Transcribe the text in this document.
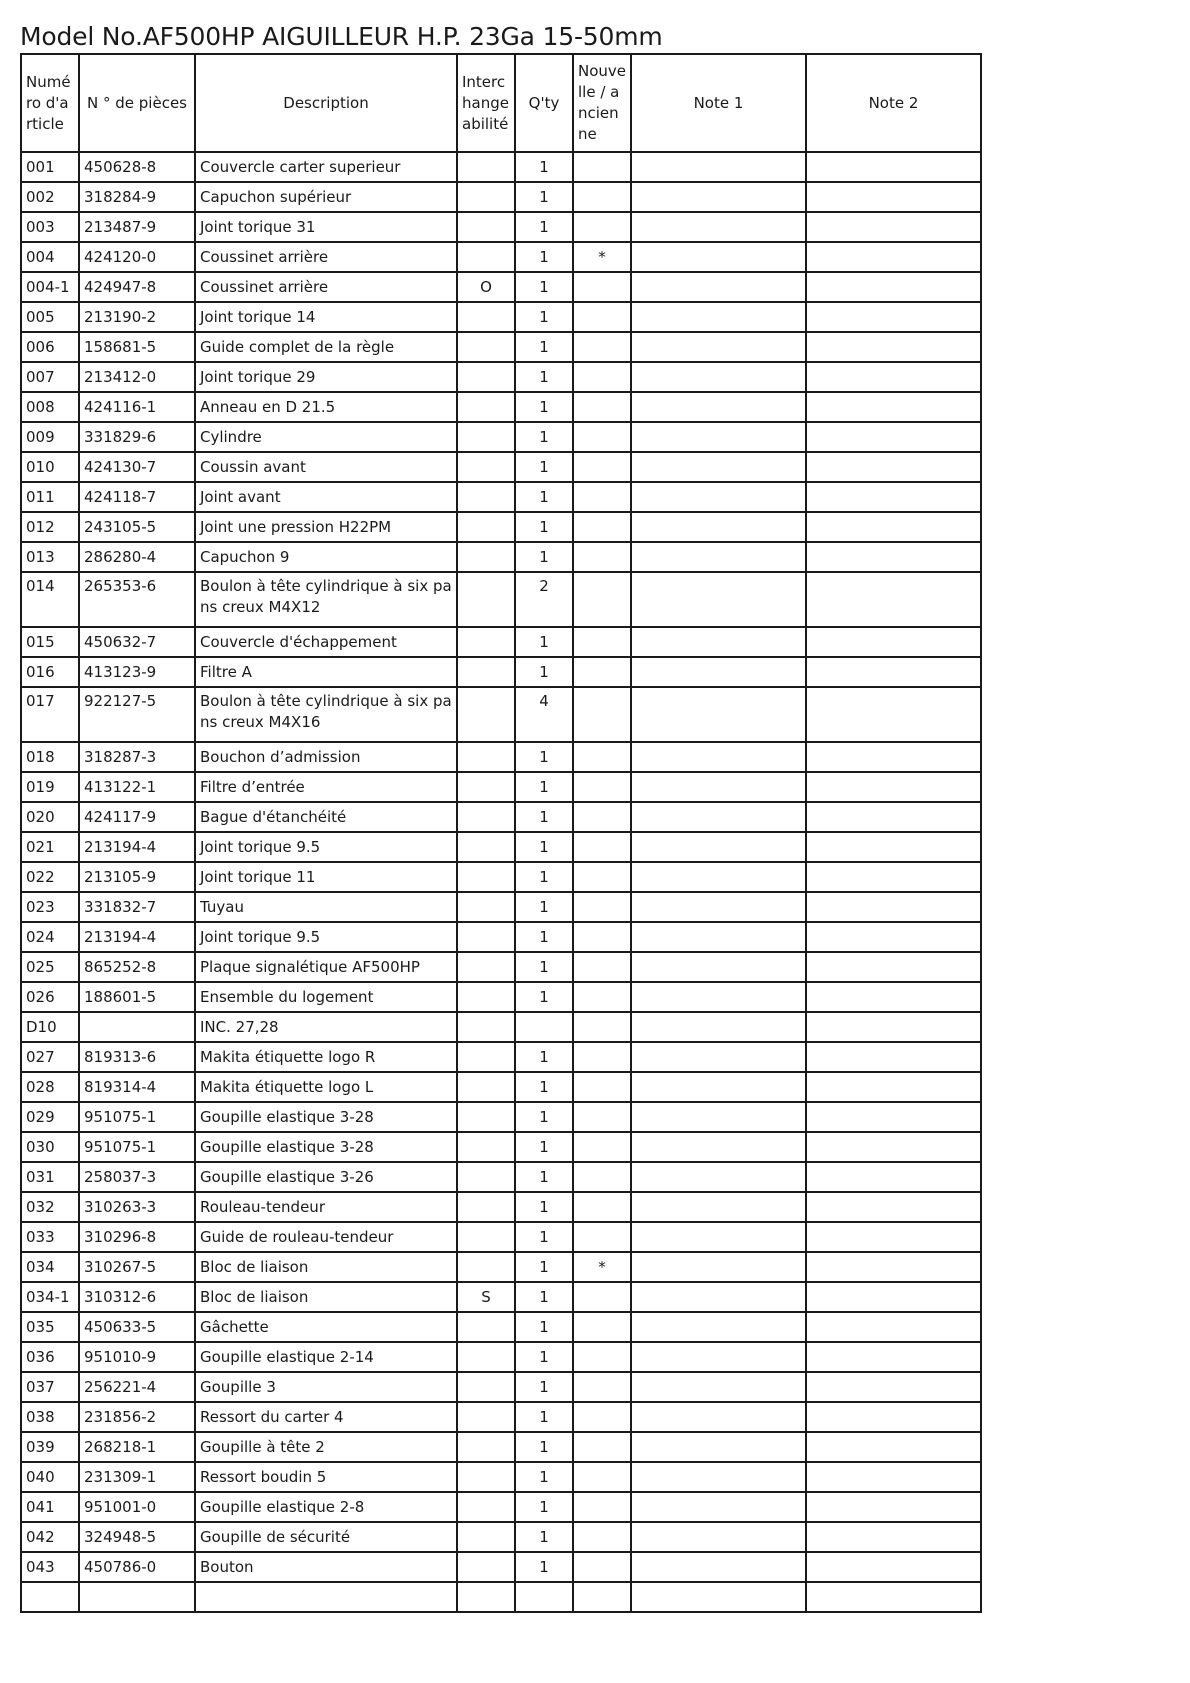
Model No.AF500HP AIGUILLEUR H.P. 23Ga 15-50mm
Numéro d'article	N ° de pièces	Description	Interchangeabilité	Q'ty	Nouvelle / ancienne	Note 1	Note 2
001	450628-8	Couvercle carter superieur		1			
002	318284-9	Capuchon supérieur		1			
003	213487-9	Joint torique 31		1			
004	424120-0	Coussinet arrière		1	*		
004-1	424947-8	Coussinet arrière	O	1			
005	213190-2	Joint torique 14		1			
006	158681-5	Guide complet de la règle		1			
007	213412-0	Joint torique 29		1			
008	424116-1	Anneau en D 21.5		1			
009	331829-6	Cylindre		1			
010	424130-7	Coussin avant		1			
011	424118-7	Joint avant		1			
012	243105-5	Joint une pression H22PM		1			
013	286280-4	Capuchon 9		1			
014	265353-6	Boulon à tête cylindrique à six pans creux M4X12		2			
015	450632-7	Couvercle d'échappement		1			
016	413123-9	Filtre A		1			
017	922127-5	Boulon à tête cylindrique à six pans creux M4X16		4			
018	318287-3	Bouchon d’admission		1			
019	413122-1	Filtre d’entrée		1			
020	424117-9	Bague d'étanchéité		1			
021	213194-4	Joint torique 9.5		1			
022	213105-9	Joint torique 11		1			
023	331832-7	Tuyau		1			
024	213194-4	Joint torique 9.5		1			
025	865252-8	Plaque signalétique AF500HP		1			
026	188601-5	Ensemble du logement		1			
D10		INC. 27,28					
027	819313-6	Makita étiquette logo R		1			
028	819314-4	Makita étiquette logo L		1			
029	951075-1	Goupille elastique 3-28		1			
030	951075-1	Goupille elastique 3-28		1			
031	258037-3	Goupille elastique 3-26		1			
032	310263-3	Rouleau-tendeur		1			
033	310296-8	Guide de rouleau-tendeur		1			
034	310267-5	Bloc de liaison		1	*		
034-1	310312-6	Bloc de liaison	S	1			
035	450633-5	Gâchette		1			
036	951010-9	Goupille elastique 2-14		1			
037	256221-4	Goupille 3		1			
038	231856-2	Ressort du carter 4		1			
039	268218-1	Goupille à tête 2		1			
040	231309-1	Ressort boudin 5		1			
041	951001-0	Goupille elastique 2-8		1			
042	324948-5	Goupille de sécurité		1			
043	450786-0	Bouton		1			
